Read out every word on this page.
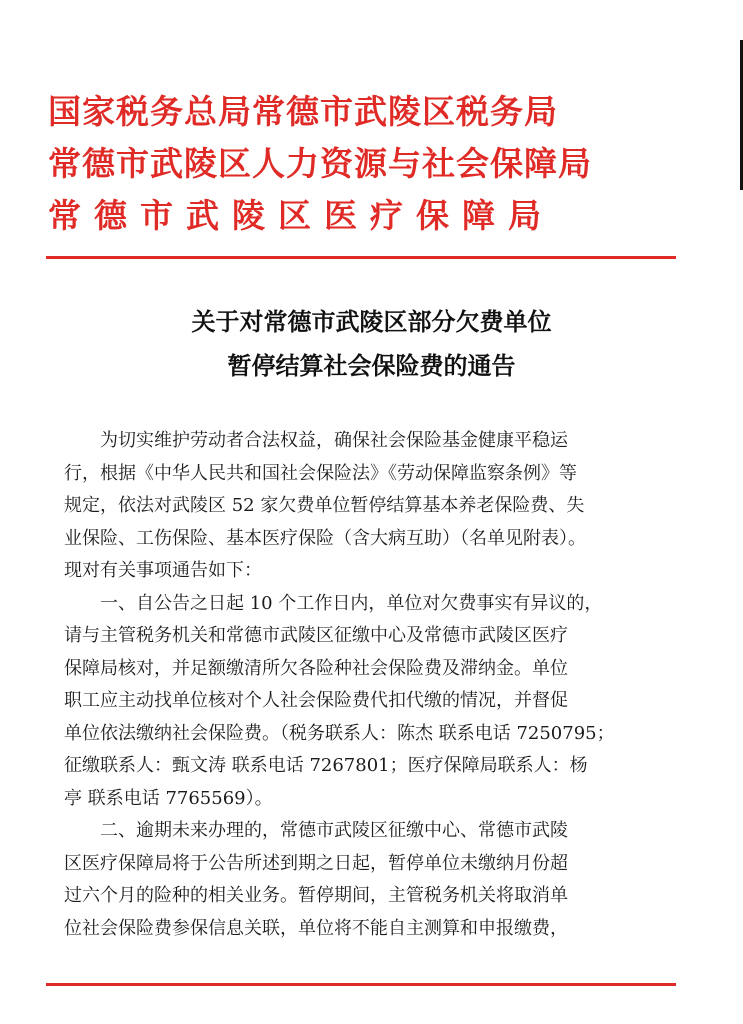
国家税务总局常德市武陵区税务局
常德市武陵区人力资源与社会保障局
常德市武陵区医疗保障局
关于对常德市武陵区部分欠费单位
暂停结算社会保险费的通告
为切实维护劳动者合法权益，确保社会保险基金健康平稳运
行，根据《中华人民共和国社会保险法》《劳动保障监察条例》等
规定，依法对武陵区 52 家欠费单位暂停结算基本养老保险费、失
业保险、工伤保险、基本医疗保险（含大病互助）（名单见附表）。
现对有关事项通告如下：
一、自公告之日起 10 个工作日内，单位对欠费事实有异议的，
请与主管税务机关和常德市武陵区征缴中心及常德市武陵区医疗
保障局核对，并足额缴清所欠各险种社会保险费及滞纳金。单位
职工应主动找单位核对个人社会保险费代扣代缴的情况，并督促
单位依法缴纳社会保险费。（税务联系人：陈杰 联系电话 7250795；
征缴联系人：甄文涛 联系电话 7267801；医疗保障局联系人：杨
亭 联系电话 7765569）。
二、逾期未来办理的，常德市武陵区征缴中心、常德市武陵
区医疗保障局将于公告所述到期之日起，暂停单位未缴纳月份超
过六个月的险种的相关业务。暂停期间，主管税务机关将取消单
位社会保险费参保信息关联，单位将不能自主测算和申报缴费，
